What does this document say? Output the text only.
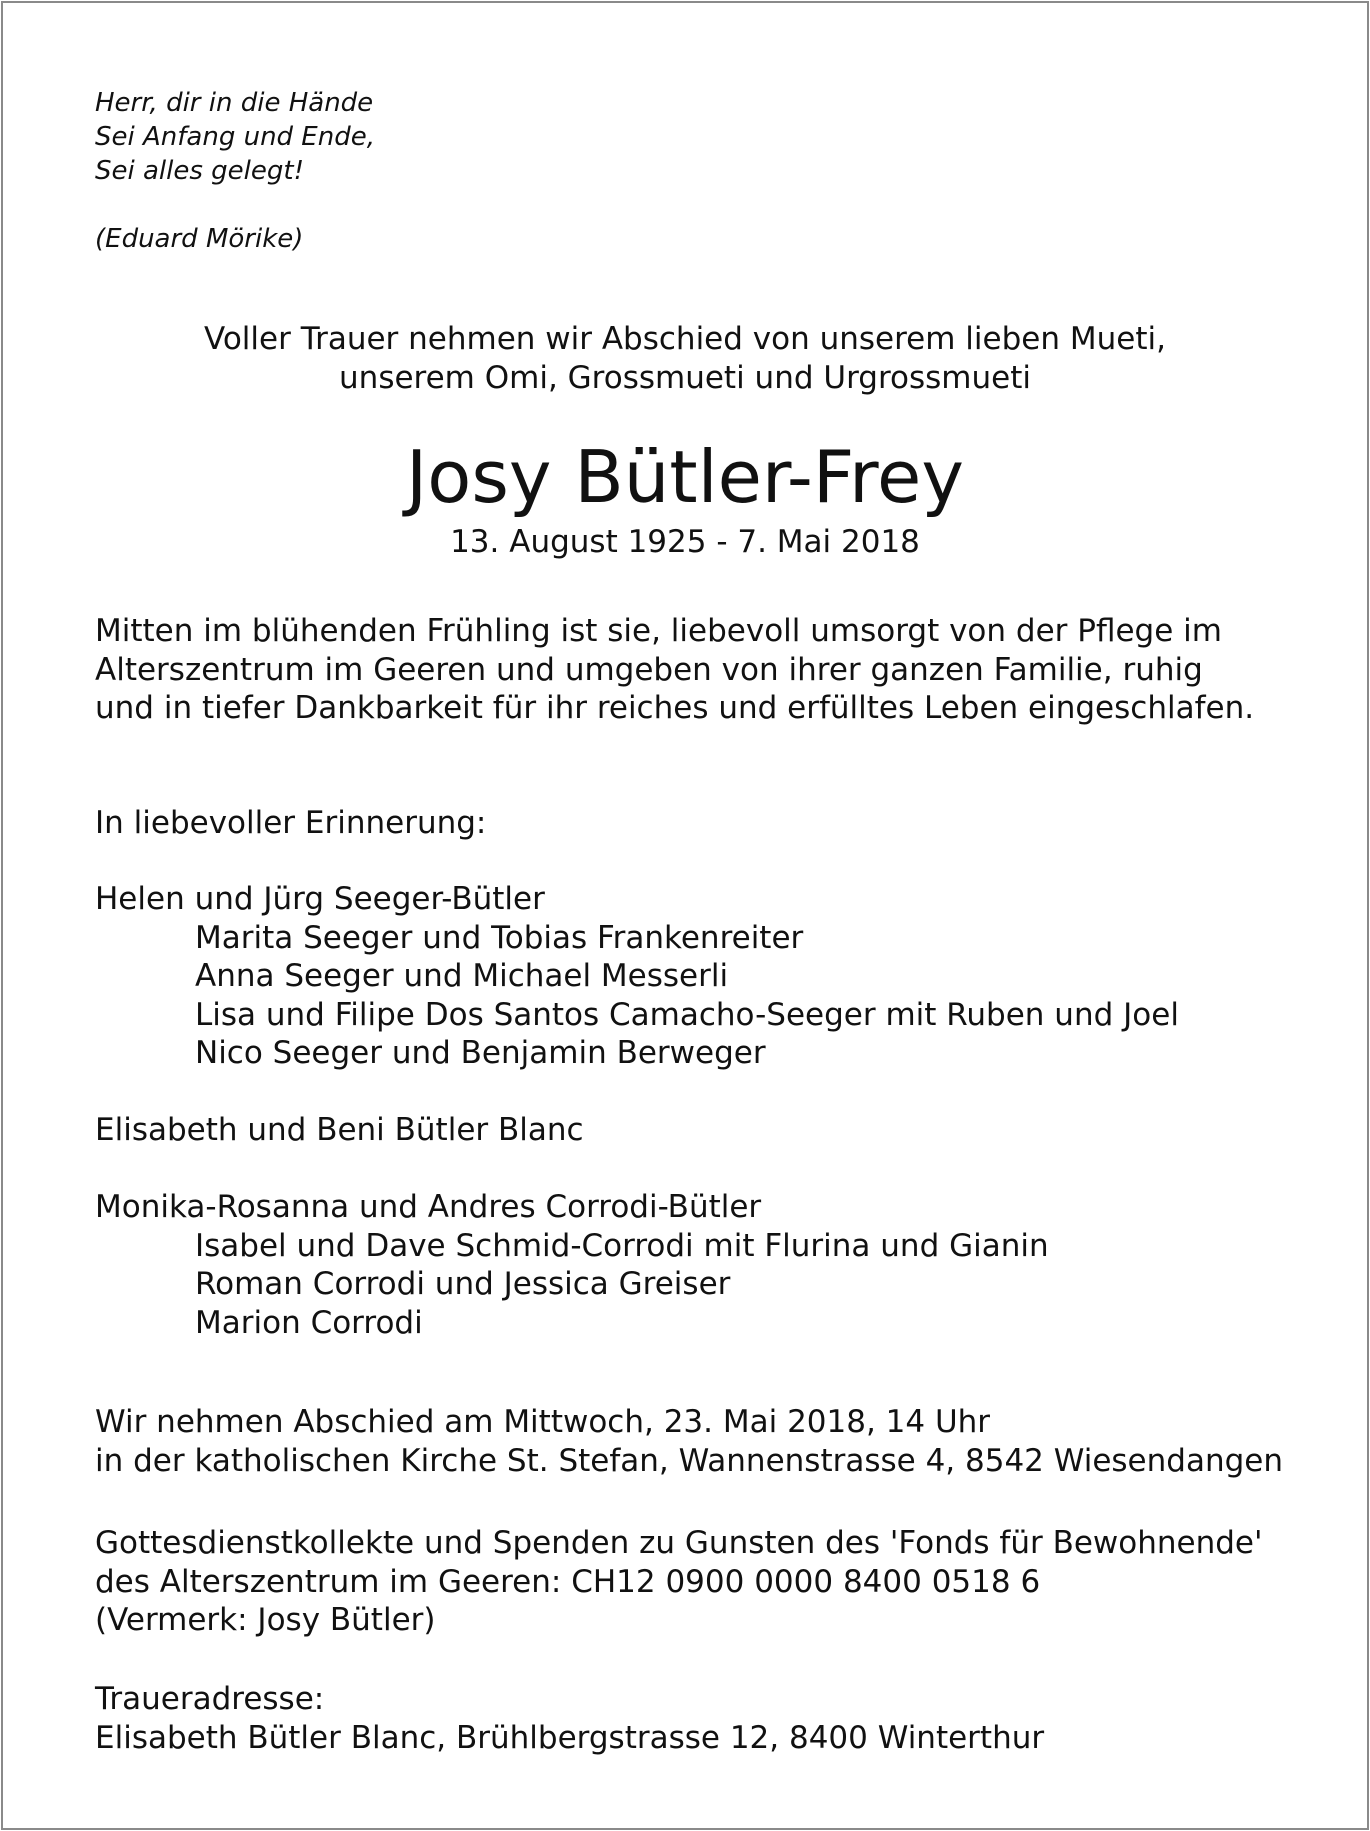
Herr, dir in die Hände
Sei Anfang und Ende,
Sei alles gelegt!
(Eduard Mörike)
Voller Trauer nehmen wir Abschied von unserem lieben Mueti,
unserem Omi, Grossmueti und Urgrossmueti
Josy Bütler-Frey
13. August 1925 - 7. Mai 2018
Mitten im blühenden Frühling ist sie, liebevoll umsorgt von der Pflege im
Alterszentrum im Geeren und umgeben von ihrer ganzen Familie, ruhig
und in tiefer Dankbarkeit für ihr reiches und erfülltes Leben eingeschlafen.
In liebevoller Erinnerung:
Helen und Jürg Seeger-Bütler
Marita Seeger und Tobias Frankenreiter
Anna Seeger und Michael Messerli
Lisa und Filipe Dos Santos Camacho-Seeger mit Ruben und Joel
Nico Seeger und Benjamin Berweger
Elisabeth und Beni Bütler Blanc
Monika-Rosanna und Andres Corrodi-Bütler
Isabel und Dave Schmid-Corrodi mit Flurina und Gianin
Roman Corrodi und Jessica Greiser
Marion Corrodi
Wir nehmen Abschied am Mittwoch, 23. Mai 2018, 14 Uhr
in der katholischen Kirche St. Stefan, Wannenstrasse 4, 8542 Wiesendangen
Gottesdienstkollekte und Spenden zu Gunsten des 'Fonds für Bewohnende'
des Alterszentrum im Geeren: CH12 0900 0000 8400 0518 6
(Vermerk: Josy Bütler)
Traueradresse:
Elisabeth Bütler Blanc, Brühlbergstrasse 12, 8400 Winterthur
